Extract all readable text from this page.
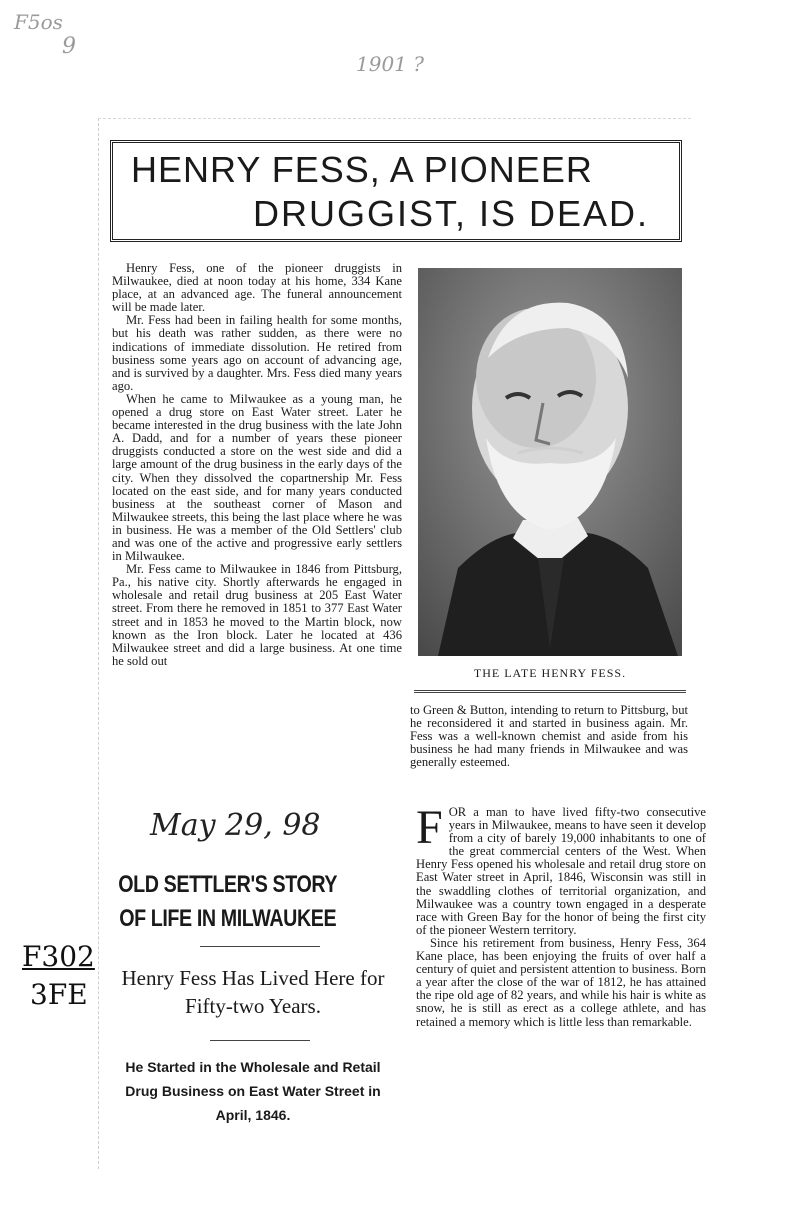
F5os
9
1901 ?
HENRY FESS, A PIONEER
DRUGGIST, IS DEAD.

Henry Fess, one of the pioneer druggists in Milwaukee, died at noon today at his home, 334 Kane place, at an advanced age. The funeral announcement will be made later.

Mr. Fess had been in failing health for some months, but his death was rather sudden, as there were no indications of immediate dissolution. He retired from business some years ago on account of advancing age, and is survived by a daughter. Mrs. Fess died many years ago.

When he came to Milwaukee as a young man, he opened a drug store on East Water street. Later he became interested in the drug business with the late John A. Dadd, and for a number of years these pioneer druggists conducted a store on the west side and did a large amount of the drug business in the early days of the city. When they dissolved the copartnership Mr. Fess located on the east side, and for many years conducted business at the southeast corner of Mason and Milwaukee streets, this being the last place where he was in business. He was a member of the Old Settlers' club and was one of the active and progressive early settlers in Milwaukee.

Mr. Fess came to Milwaukee in 1846 from Pittsburg, Pa., his native city. Shortly afterwards he engaged in wholesale and retail drug business at 205 East Water street. From there he removed in 1851 to 377 East Water street and in 1853 he moved to the Martin block, now known as the Iron block. Later he located at 436 Milwaukee street and did a large business. At one time he sold out

THE LATE HENRY FESS.

to Green & Button, intending to return to Pittsburg, but he reconsidered it and started in business again. Mr. Fess was a well-known chemist and aside from his business he had many friends in Milwaukee and was generally esteemed.

May 29, 98
OLD SETTLER'S STORY
OF LIFE IN MILWAUKEE
F302
3FE	Henry Fess Has Lived Here for Fifty-two Years.
He Started in the Wholesale and Retail Drug Business on East Water Street in April, 1846.

FOR a man to have lived fifty-two consecutive years in Milwaukee, means to have seen it develop from a city of barely 19,000 inhabitants to one of the great commercial centers of the West. When Henry Fess opened his wholesale and retail drug store on East Water street in April, 1846, Wisconsin was still in the swaddling clothes of territorial organization, and Milwaukee was a country town engaged in a desperate race with Green Bay for the honor of being the first city of the pioneer Western territory.

Since his retirement from business, Henry Fess, 364 Kane place, has been enjoying the fruits of over half a century of quiet and persistent attention to business. Born a year after the close of the war of 1812, he has attained the ripe old age of 82 years, and while his hair is white as snow, he is still as erect as a college athlete, and has retained a memory which is little less than remarkable.
